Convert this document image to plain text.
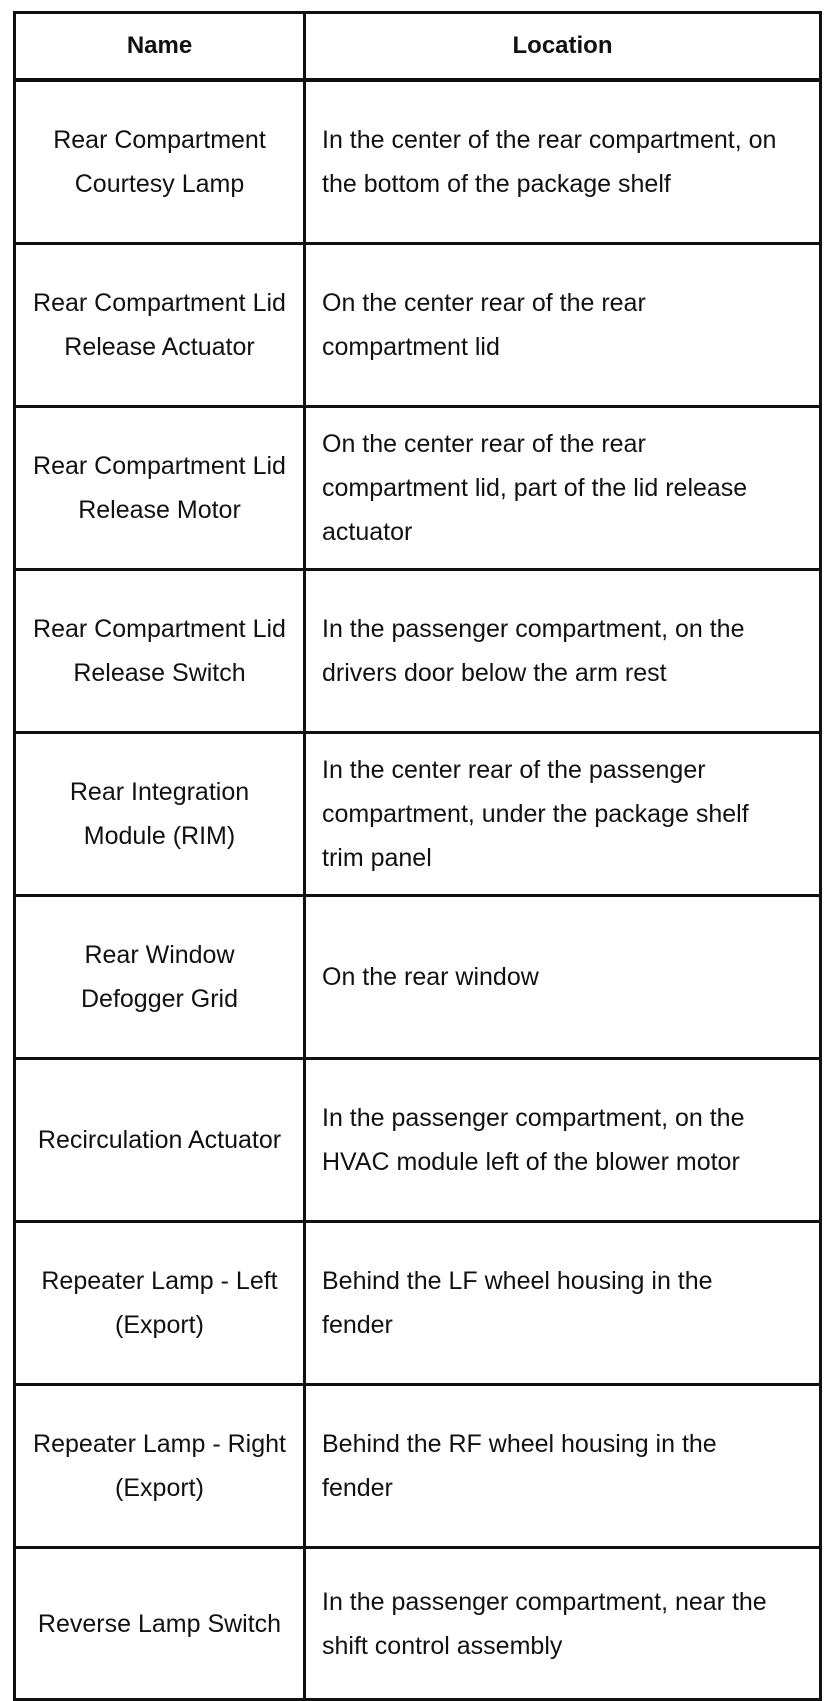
Name	Location
Rear Compartment Courtesy Lamp	In the center of the rear compartment, on the bottom of the package shelf
Rear Compartment Lid Release Actuator	On the center rear of the rear compartment lid
Rear Compartment Lid Release Motor	On the center rear of the rear compartment lid, part of the lid release actuator
Rear Compartment Lid Release Switch	In the passenger compartment, on the drivers door below the arm rest
Rear Integration Module (RIM)	In the center rear of the passenger compartment, under the package shelf trim panel
Rear Window Defogger Grid	On the rear window
Recirculation Actuator	In the passenger compartment, on the HVAC module left of the blower motor
Repeater Lamp - Left (Export)	Behind the LF wheel housing in the fender
Repeater Lamp - Right (Export)	Behind the RF wheel housing in the fender
Reverse Lamp Switch	In the passenger compartment, near the shift control assembly
